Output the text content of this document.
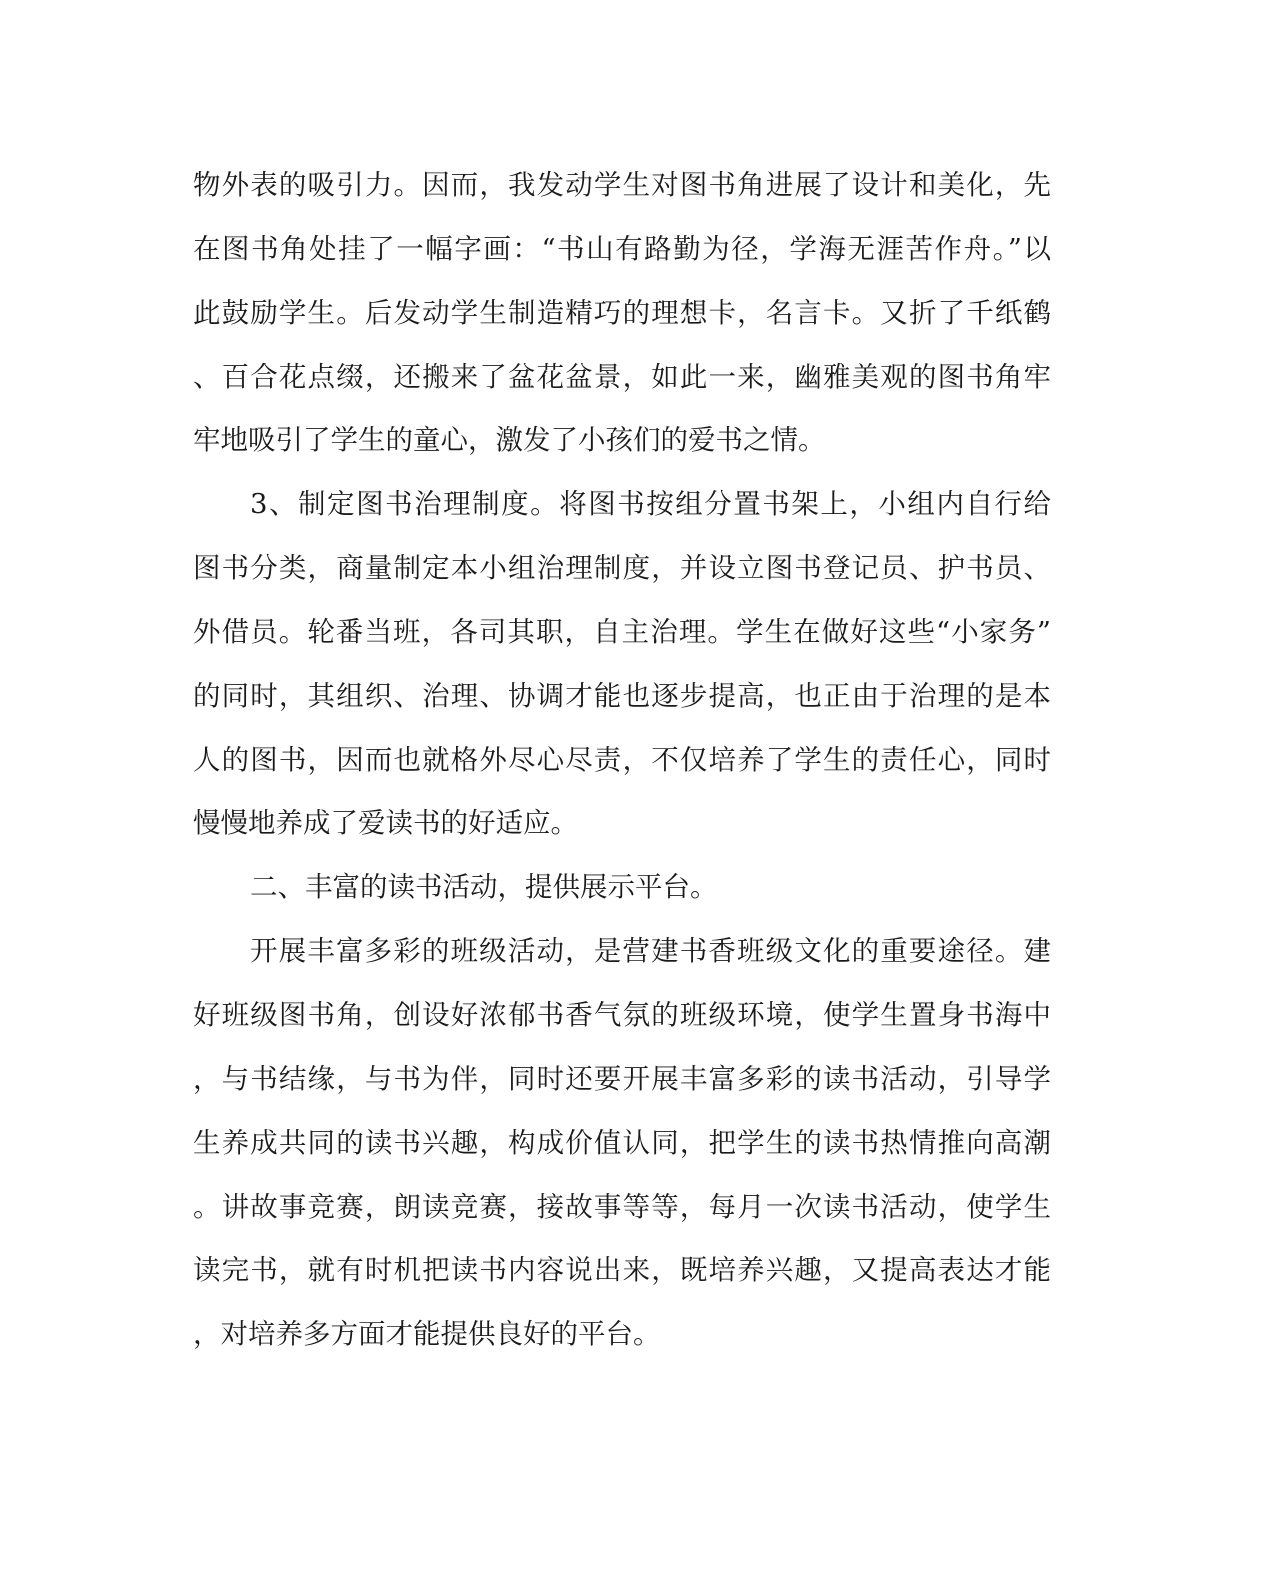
物外表的吸引力。因而，我发动学生对图书角进展了设计和美化，先
在图书角处挂了一幅字画：“书山有路勤为径，学海无涯苦作舟。”以
此鼓励学生。后发动学生制造精巧的理想卡，名言卡。又折了千纸鹤
、百合花点缀，还搬来了盆花盆景，如此一来，幽雅美观的图书角牢
牢地吸引了学生的童心，激发了小孩们的爱书之情。
3、制定图书治理制度。将图书按组分置书架上，小组内自行给
图书分类，商量制定本小组治理制度，并设立图书登记员、护书员、
外借员。轮番当班，各司其职，自主治理。学生在做好这些“小家务”
的同时，其组织、治理、协调才能也逐步提高，也正由于治理的是本
人的图书，因而也就格外尽心尽责，不仅培养了学生的责任心，同时
慢慢地养成了爱读书的好适应。
二、丰富的读书活动，提供展示平台。
开展丰富多彩的班级活动，是营建书香班级文化的重要途径。建
好班级图书角，创设好浓郁书香气氛的班级环境，使学生置身书海中
，与书结缘，与书为伴，同时还要开展丰富多彩的读书活动，引导学
生养成共同的读书兴趣，构成价值认同，把学生的读书热情推向高潮
。讲故事竞赛，朗读竞赛，接故事等等，每月一次读书活动，使学生
读完书，就有时机把读书内容说出来，既培养兴趣，又提高表达才能
，对培养多方面才能提供良好的平台。
